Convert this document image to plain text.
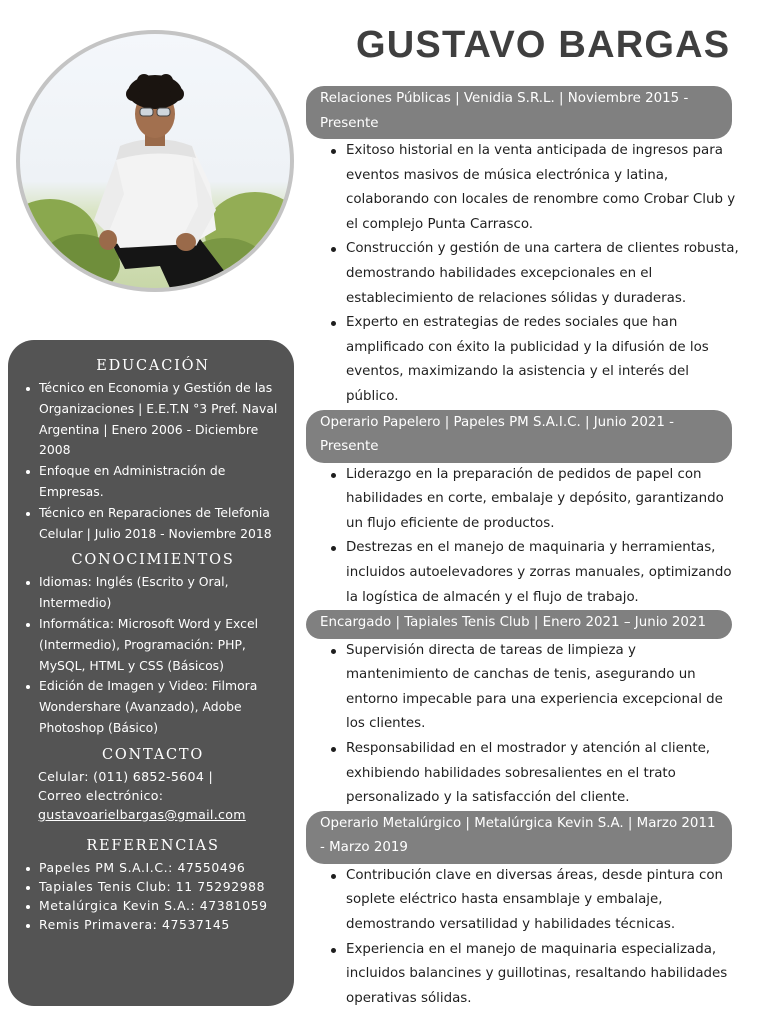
GUSTAVO BARGAS
EDUCACIÓN
Técnico en Economia y Gestión de las Organizaciones | E.E.T.N °3 Pref. Naval Argentina | Enero 2006 - Diciembre 2008
Enfoque en Administración de Empresas.
Técnico en Reparaciones de Telefonia Celular | Julio 2018 - Noviembre 2018
CONOCIMIENTOS
Idiomas: Inglés (Escrito y Oral, Intermedio)
Informática: Microsoft Word y Excel (Intermedio), Programación: PHP, MySQL, HTML y CSS (Básicos)
Edición de Imagen y Video: Filmora Wondershare (Avanzado), Adobe Photoshop (Básico)
CONTACTO
Celular: (011) 6852-5604 |
Correo electrónico:
gustavoarielbargas@gmail.com
REFERENCIAS
Papeles PM S.A.I.C.: 47550496
Tapiales Tenis Club: 11 75292988
Metalúrgica Kevin S.A.: 47381059
Remis Primavera: 47537145
Relaciones Públicas | Venidia S.R.L. | Noviembre 2015 - Presente
Exitoso historial en la venta anticipada de ingresos para eventos masivos de música electrónica y latina, colaborando con locales de renombre como Crobar Club y el complejo Punta Carrasco.
Construcción y gestión de una cartera de clientes robusta, demostrando habilidades excepcionales en el establecimiento de relaciones sólidas y duraderas.
Experto en estrategias de redes sociales que han amplificado con éxito la publicidad y la difusión de los eventos, maximizando la asistencia y el interés del público.
Operario Papelero | Papeles PM S.A.I.C. | Junio 2021 - Presente
Liderazgo en la preparación de pedidos de papel con habilidades en corte, embalaje y depósito, garantizando un flujo eficiente de productos.
Destrezas en el manejo de maquinaria y herramientas, incluidos autoelevadores y zorras manuales, optimizando la logística de almacén y el flujo de trabajo.
Encargado | Tapiales Tenis Club | Enero 2021 – Junio 2021
Supervisión directa de tareas de limpieza y mantenimiento de canchas de tenis, asegurando un entorno impecable para una experiencia excepcional de los clientes.
Responsabilidad en el mostrador y atención al cliente, exhibiendo habilidades sobresalientes en el trato personalizado y la satisfacción del cliente.
Operario Metalúrgico | Metalúrgica Kevin S.A. | Marzo 2011 - Marzo 2019
Contribución clave en diversas áreas, desde pintura con soplete eléctrico hasta ensamblaje y embalaje, demostrando versatilidad y habilidades técnicas.
Experiencia en el manejo de maquinaria especializada, incluidos balancines y guillotinas, resaltando habilidades operativas sólidas.
